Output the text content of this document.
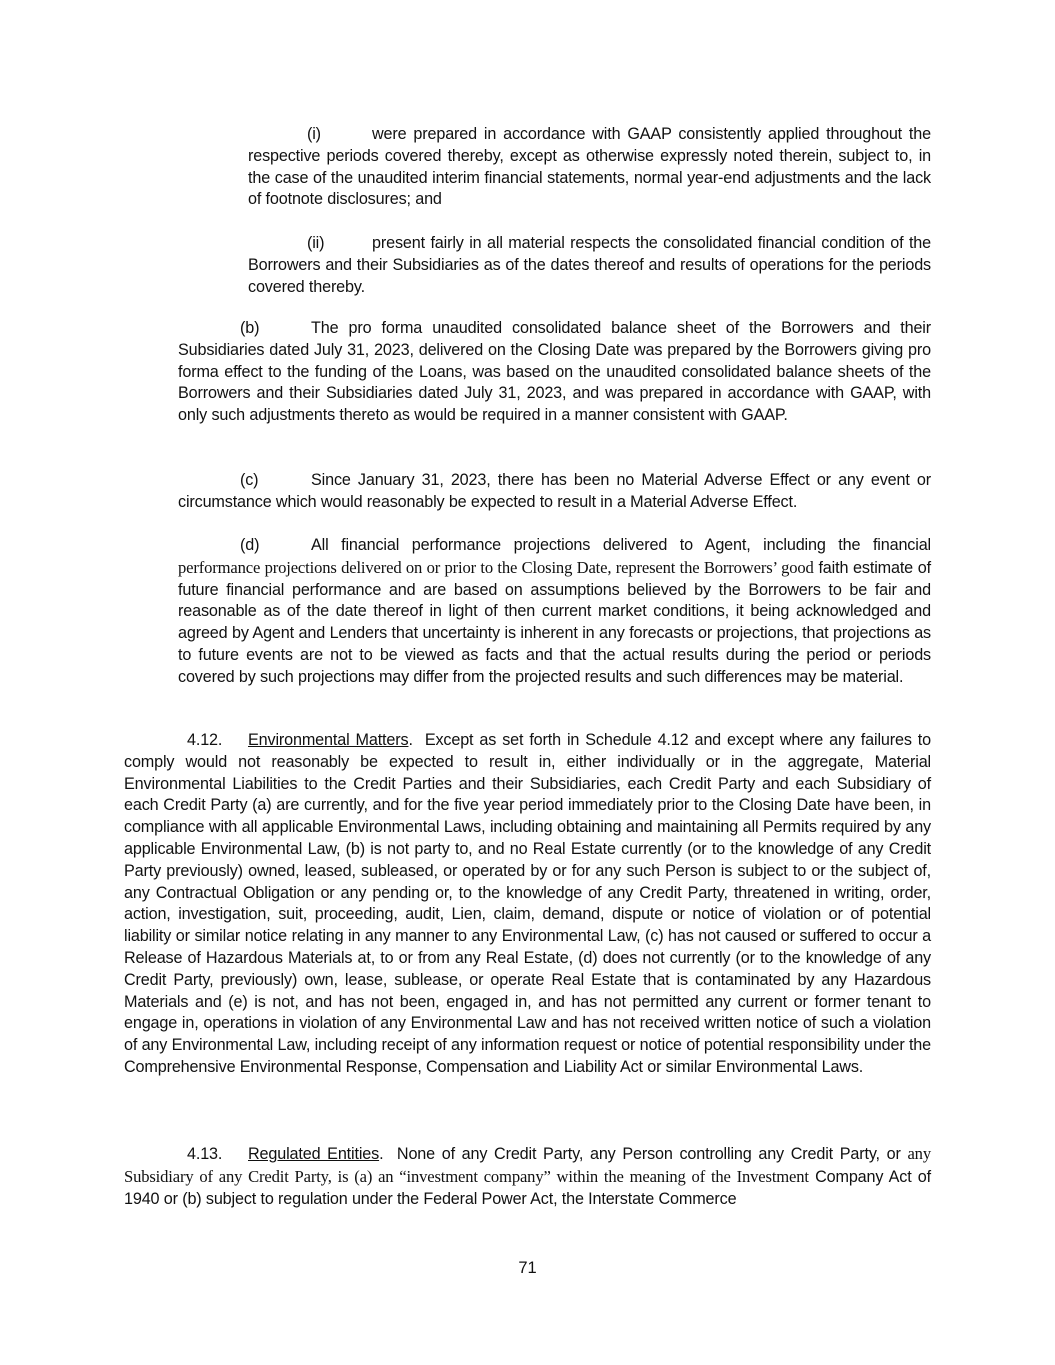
(i)	were prepared in accordance with GAAP consistently applied throughout the respective periods covered thereby, except as otherwise expressly noted therein, subject to, in the case of the unaudited interim financial statements, normal year-end adjustments and the lack of footnote disclosures; and
(ii)	present fairly in all material respects the consolidated financial condition of the Borrowers and their Subsidiaries as of the dates thereof and results of operations for the periods covered thereby.
(b)	The pro forma unaudited consolidated balance sheet of the Borrowers and their Subsidiaries dated July 31, 2023, delivered on the Closing Date was prepared by the Borrowers giving pro forma effect to the funding of the Loans, was based on the unaudited consolidated balance sheets of the Borrowers and their Subsidiaries dated July 31, 2023, and was prepared in accordance with GAAP, with only such adjustments thereto as would be required in a manner consistent with GAAP.
(c)	Since January 31, 2023, there has been no Material Adverse Effect or any event or circumstance which would reasonably be expected to result in a Material Adverse Effect.
(d)	All financial performance projections delivered to Agent, including the financial performance projections delivered on or prior to the Closing Date, represent the Borrowers’ good faith estimate of future financial performance and are based on assumptions believed by the Borrowers to be fair and reasonable as of the date thereof in light of then current market conditions, it being acknowledged and agreed by Agent and Lenders that uncertainty is inherent in any forecasts or projections, that projections as to future events are not to be viewed as facts and that the actual results during the period or periods covered by such projections may differ from the projected results and such differences may be material.
4.12. Environmental Matters. Except as set forth in Schedule 4.12 and except where any failures to comply would not reasonably be expected to result in, either individually or in the aggregate, Material Environmental Liabilities to the Credit Parties and their Subsidiaries, each Credit Party and each Subsidiary of each Credit Party (a) are currently, and for the five year period immediately prior to the Closing Date have been, in compliance with all applicable Environmental Laws, including obtaining and maintaining all Permits required by any applicable Environmental Law, (b) is not party to, and no Real Estate currently (or to the knowledge of any Credit Party previously) owned, leased, subleased, or operated by or for any such Person is subject to or the subject of, any Contractual Obligation or any pending or, to the knowledge of any Credit Party, threatened in writing, order, action, investigation, suit, proceeding, audit, Lien, claim, demand, dispute or notice of violation or of potential liability or similar notice relating in any manner to any Environmental Law, (c) has not caused or suffered to occur a Release of Hazardous Materials at, to or from any Real Estate, (d) does not currently (or to the knowledge of any Credit Party, previously) own, lease, sublease, or operate Real Estate that is contaminated by any Hazardous Materials and (e) is not, and has not been, engaged in, and has not permitted any current or former tenant to engage in, operations in violation of any Environmental Law and has not received written notice of such a violation of any Environmental Law, including receipt of any information request or notice of potential responsibility under the Comprehensive Environmental Response, Compensation and Liability Act or similar Environmental Laws.
4.13. Regulated Entities. None of any Credit Party, any Person controlling any Credit Party, or any Subsidiary of any Credit Party, is (a) an “investment company” within the meaning of the Investment Company Act of 1940 or (b) subject to regulation under the Federal Power Act, the Interstate Commerce
71
